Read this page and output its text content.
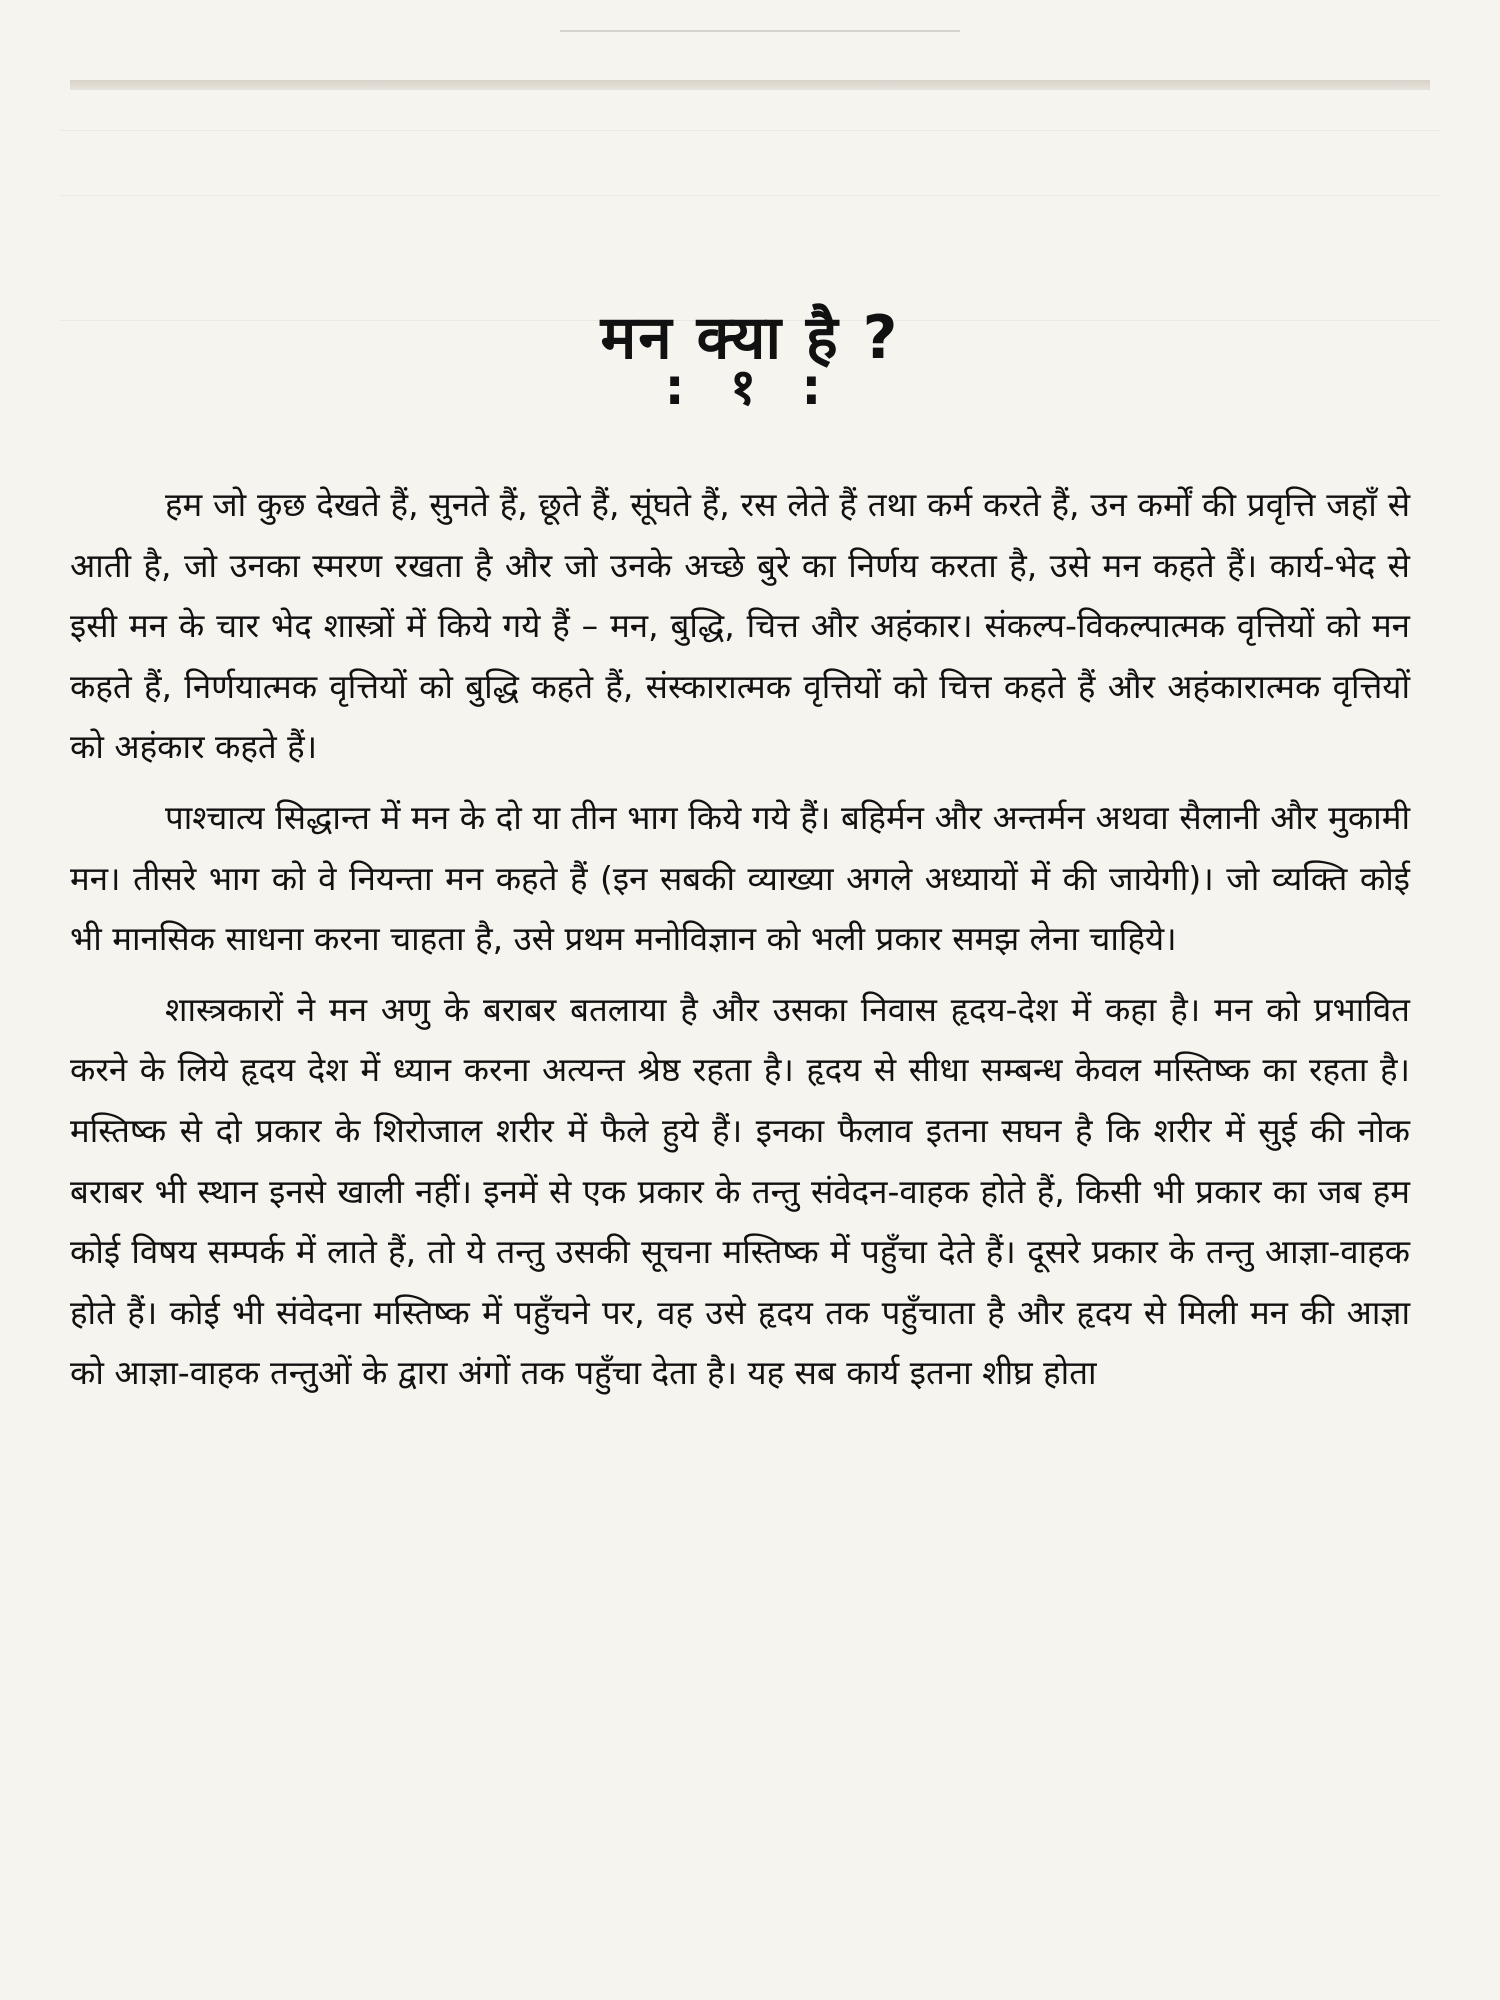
मन क्या है ?
: १ :

हम जो कुछ देखते हैं, सुनते हैं, छूते हैं, सूंघते हैं, रस लेते हैं तथा कर्म करते हैं, उन कर्मों की प्रवृत्ति जहाँ से आती है, जो उनका स्मरण रखता है और जो उनके अच्छे बुरे का निर्णय करता है, उसे मन कहते हैं। कार्य-भेद से इसी मन के चार भेद शास्त्रों में किये गये हैं – मन, बुद्धि, चित्त और अहंकार। संकल्प-विकल्पात्मक वृत्तियों को मन कहते हैं, निर्णयात्मक वृत्तियों को बुद्धि कहते हैं, संस्कारात्मक वृत्तियों को चित्त कहते हैं और अहंकारात्मक वृत्तियों को अहंकार कहते हैं।

पाश्चात्य सिद्धान्त में मन के दो या तीन भाग किये गये हैं। बहिर्मन और अन्तर्मन अथवा सैलानी और मुकामी मन। तीसरे भाग को वे नियन्ता मन कहते हैं (इन सबकी व्याख्या अगले अध्यायों में की जायेगी)। जो व्यक्ति कोई भी मानसिक साधना करना चाहता है, उसे प्रथम मनोविज्ञान को भली प्रकार समझ लेना चाहिये।

शास्त्रकारों ने मन अणु के बराबर बतलाया है और उसका निवास हृदय-देश में कहा है। मन को प्रभावित करने के लिये हृदय देश में ध्यान करना अत्यन्त श्रेष्ठ रहता है। हृदय से सीधा सम्बन्ध केवल मस्तिष्क का रहता है। मस्तिष्क से दो प्रकार के शिरोजाल शरीर में फैले हुये हैं। इनका फैलाव इतना सघन है कि शरीर में सुई की नोक बराबर भी स्थान इनसे खाली नहीं। इनमें से एक प्रकार के तन्तु संवेदन-वाहक होते हैं, किसी भी प्रकार का जब हम कोई विषय सम्पर्क में लाते हैं, तो ये तन्तु उसकी सूचना मस्तिष्क में पहुँचा देते हैं। दूसरे प्रकार के तन्तु आज्ञा-वाहक होते हैं। कोई भी संवेदना मस्तिष्क में पहुँचने पर, वह उसे हृदय तक पहुँचाता है और हृदय से मिली मन की आज्ञा को आज्ञा-वाहक तन्तुओं के द्वारा अंगों तक पहुँचा देता है। यह सब कार्य इतना शीघ्र होता
